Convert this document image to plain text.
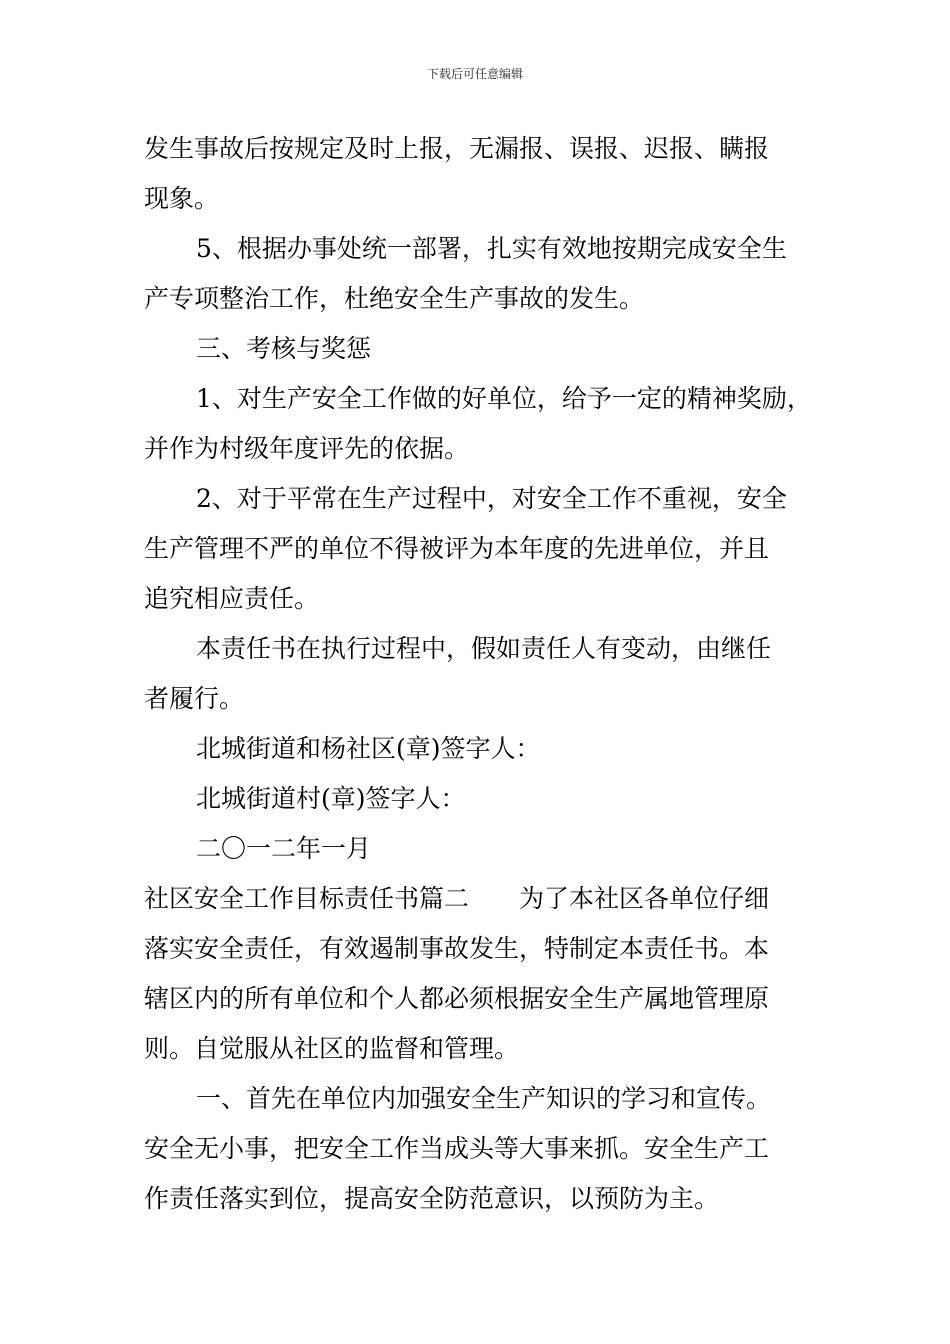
下载后可任意编辑

发生事故后按规定及时上报，无漏报、误报、迟报、瞒报

现象。

5、根据办事处统一部署，扎实有效地按期完成安全生

产专项整治工作，杜绝安全生产事故的发生。

三、考核与奖惩

1、对生产安全工作做的好单位，给予一定的精神奖励，

并作为村级年度评先的依据。

2、对于平常在生产过程中，对安全工作不重视，安全

生产管理不严的单位不得被评为本年度的先进单位，并且

追究相应责任。

本责任书在执行过程中，假如责任人有变动，由继任

者履行。

北城街道和杨社区(章)签字人：

北城街道村(章)签字人：

二〇一二年一月

社区安全工作目标责任书篇二 为了本社区各单位仔细

落实安全责任，有效遏制事故发生，特制定本责任书。本

辖区内的所有单位和个人都必须根据安全生产属地管理原

则。自觉服从社区的监督和管理。

一、首先在单位内加强安全生产知识的学习和宣传。

安全无小事，把安全工作当成头等大事来抓。安全生产工

作责任落实到位，提高安全防范意识，以预防为主。
